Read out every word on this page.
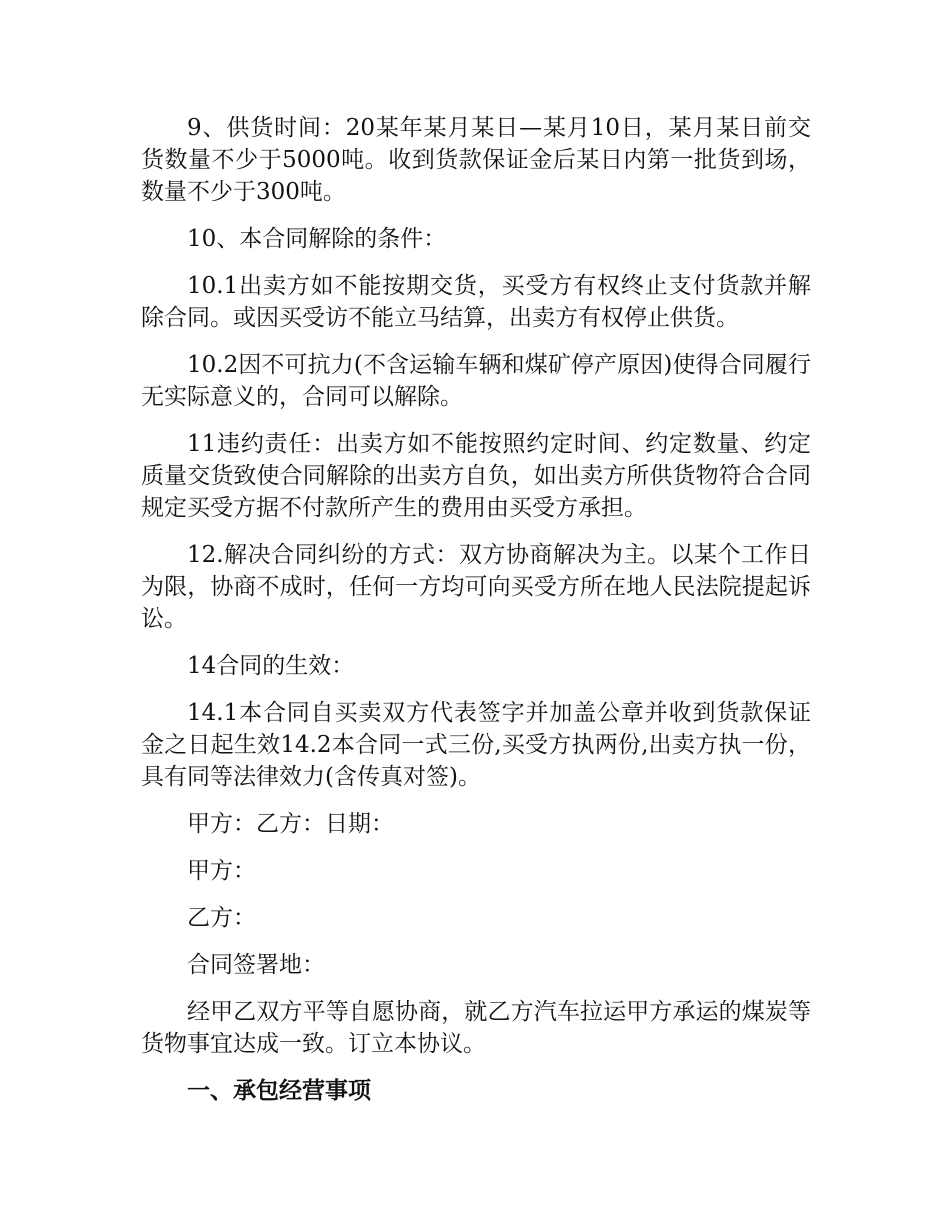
9、供货时间：20某年某月某日—某月10日，某月某日前交货数量不少于5000吨。收到货款保证金后某日内第一批货到场，数量不少于300吨。

10、本合同解除的条件：

10.1出卖方如不能按期交货，买受方有权终止支付货款并解除合同。或因买受访不能立马结算，出卖方有权停止供货。

10.2因不可抗力(不含运输车辆和煤矿停产原因)使得合同履行无实际意义的，合同可以解除。

11违约责任：出卖方如不能按照约定时间、约定数量、约定质量交货致使合同解除的出卖方自负，如出卖方所供货物符合合同规定买受方据不付款所产生的费用由买受方承担。

12.解决合同纠纷的方式：双方协商解决为主。以某个工作日为限，协商不成时，任何一方均可向买受方所在地人民法院提起诉讼。

14合同的生效：

14.1本合同自买卖双方代表签字并加盖公章并收到货款保证金之日起生效14.2本合同一式三份,买受方执两份,出卖方执一份，具有同等法律效力(含传真对签)。

甲方：乙方：日期：

甲方：

乙方：

合同签署地：

经甲乙双方平等自愿协商，就乙方汽车拉运甲方承运的煤炭等货物事宜达成一致。订立本协议。

一、承包经营事项
